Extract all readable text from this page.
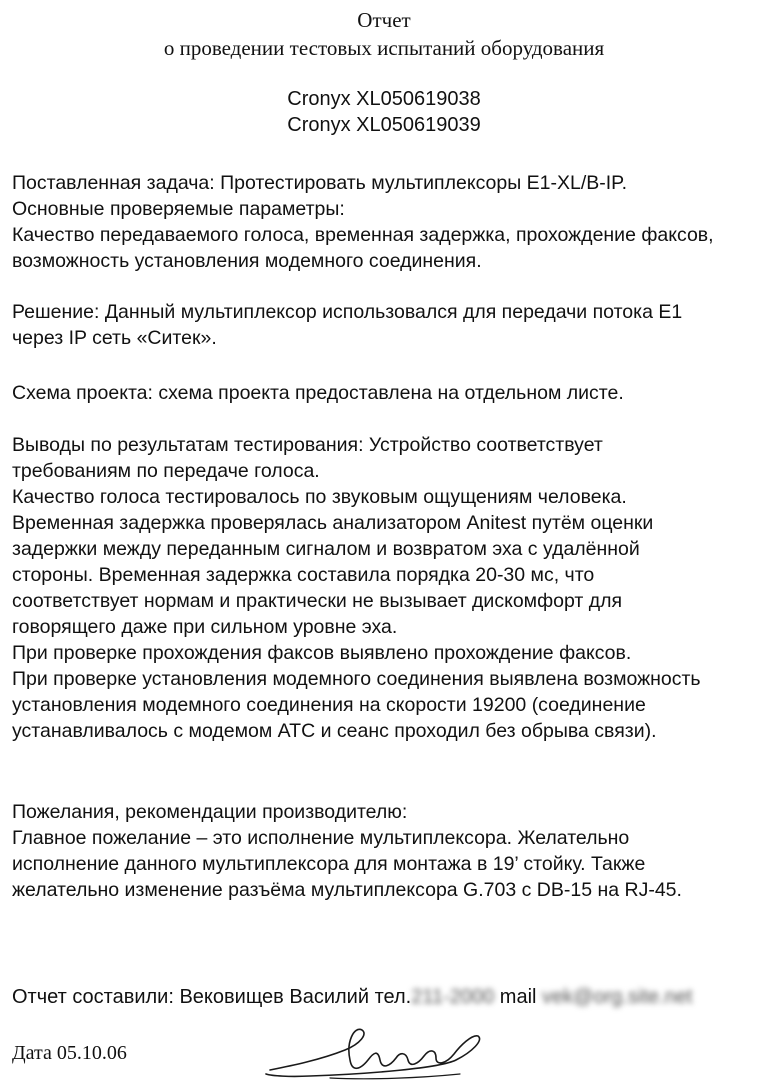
Отчет
о проведении тестовых испытаний оборудования
Cronyx XL050619038
Cronyx XL050619039
Поставленная задача: Протестировать мультиплексоры E1-XL/B-IP.
Основные проверяемые параметры:
Качество передаваемого голоса, временная задержка, прохождение факсов,
возможность установления модемного соединения.
Решение: Данный мультиплексор использовался для передачи потока E1
через IP сеть «Ситек».
Схема проекта: схема проекта предоставлена на отдельном листе.
Выводы по результатам тестирования: Устройство соответствует
требованиям по передаче голоса.
Качество голоса тестировалось по звуковым ощущениям человека.
Временная задержка проверялась анализатором Anitest путём оценки
задержки между переданным сигналом и возвратом эха с удалённой
стороны. Временная задержка составила порядка 20-30 мс, что
соответствует нормам и практически не вызывает дискомфорт для
говорящего даже при сильном уровне эха.
При проверке прохождения факсов выявлено прохождение факсов.
При проверке установления модемного соединения выявлена возможность
установления модемного соединения на скорости 19200 (соединение
устанавливалось с модемом АТС и сеанс проходил без обрыва связи).
Пожелания, рекомендации производителю:
Главное пожелание – это исполнение мультиплексора. Желательно
исполнение данного мультиплексора для монтажа в 19’ стойку. Также
желательно изменение разъёма мультиплексора G.703 с DB-15 на RJ-45.
Отчет составили: Вековищев Василий тел.211-2000 mail vek@org.site.net
Дата 05.10.06
